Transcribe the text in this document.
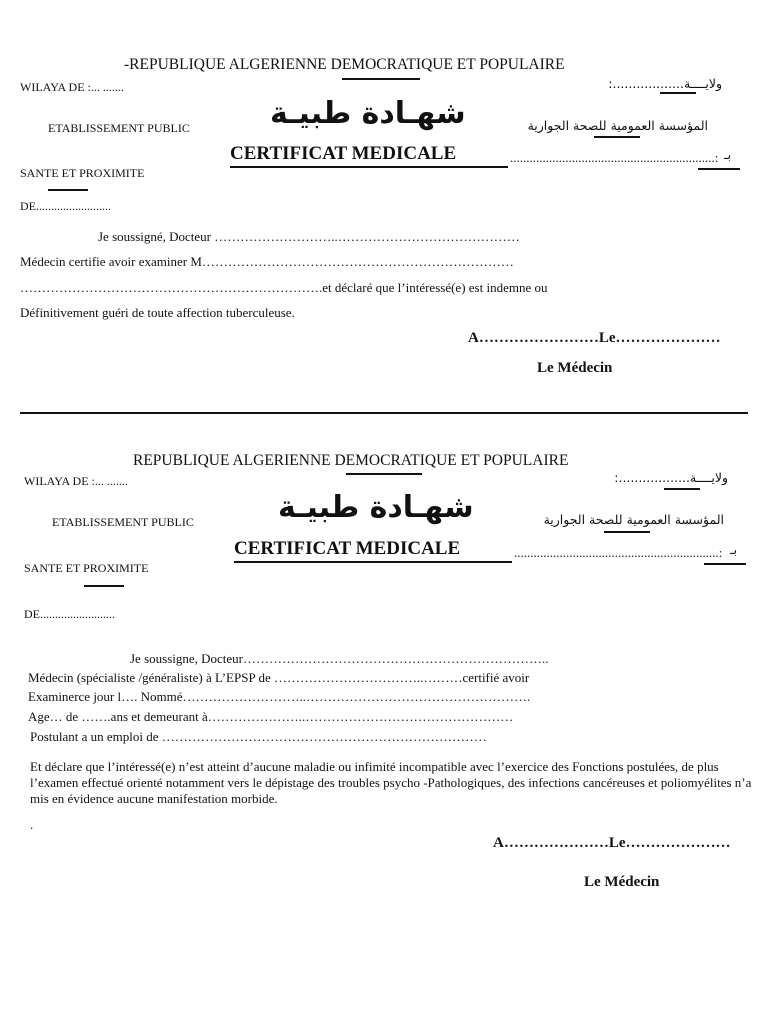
-REPUBLIQUE ALGERIENNE DEMOCRATIQUE ET POPULAIRE
WILAYA DE :... .......	ولايــــة..................:
شهـادة طبيـة
ETABLISSEMENT PUBLIC	المؤسسة العمومية للصحة الجوارية
CERTIFICAT MEDICALE	...............................................................: بـ
SANTE ET PROXIMITE
DE.........................
Je soussigné, Docteur ………………………..……………………………………
Médecin certifie avoir examiner M………………………………………………………………
…………………………………………………………….et déclaré que l’intéressé(e) est indemne ou
Définitivement guéri de toute affection tuberculeuse.
A……………………Le…………………
Le Médecin
REPUBLIQUE ALGERIENNE DEMOCRATIQUE ET POPULAIRE
WILAYA DE :... .......	ولايــــة..................:
شهـادة طبيـة
ETABLISSEMENT PUBLIC	المؤسسة العمومية للصحة الجوارية
CERTIFICAT MEDICALE	...............................................................: بـ
SANTE ET PROXIMITE
DE.........................
Je soussigne, Docteur……………………………………………………………..
Médecin (spécialiste /généraliste) à L’EPSP de ……………………………..………certifié avoir
Examinerce jour l…. Nommé………………………..…………………………………………….
Age… de …….ans et demeurant à…………………..…………………………………………
Postulant a un emploi de …………………………………………………………………
Et déclare que l’intéressé(e) n’est atteint d’aucune maladie ou infimité incompatible avec l’exercice des Fonctions postulées, de plus l’examen effectué orienté notamment vers le dépistage des troubles psycho -Pathologiques, des infections cancéreuses et poliomyélites n’a mis en évidence aucune manifestation morbide.
.
A…………………Le…………………
Le Médecin
